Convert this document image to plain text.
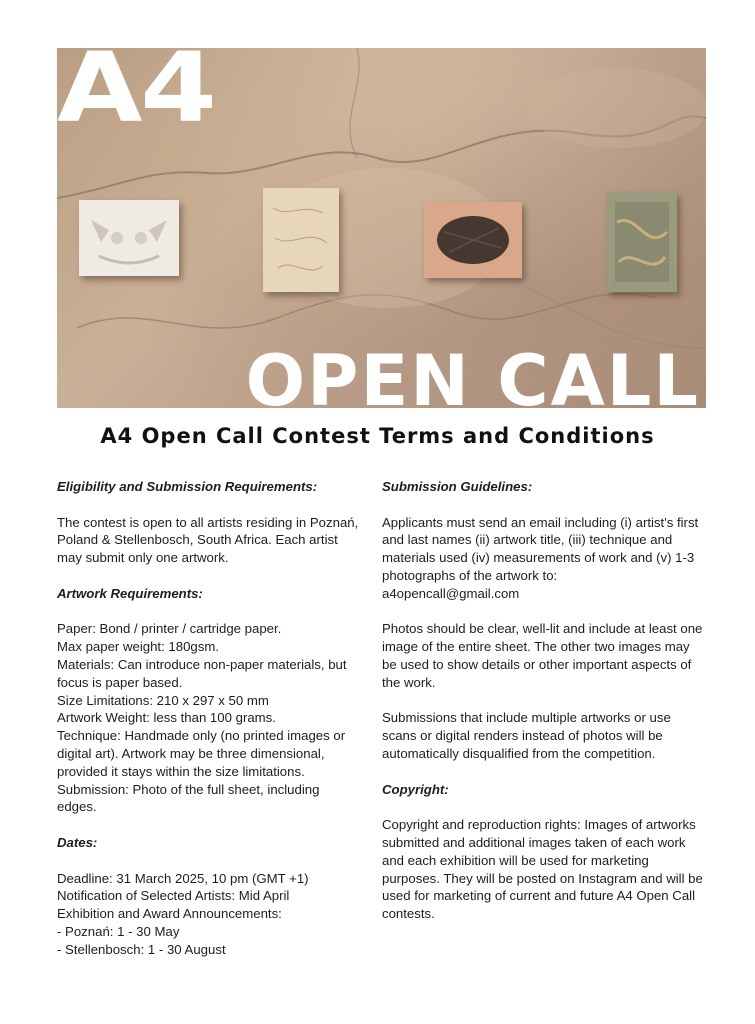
A4
OPEN CALL
A4 Open Call Contest Terms and Conditions
Eligibility and Submission Requirements:
The contest is open to all artists residing in Poznań, Poland & Stellenbosch, South Africa. Each artist may submit only one artwork.
Artwork Requirements:
Paper: Bond / printer / cartridge paper.
Max paper weight: 180gsm.
Materials: Can introduce non-paper materials, but focus is paper based.
Size Limitations: 210 x 297 x 50 mm
Artwork Weight: less than 100 grams.
Technique: Handmade only (no printed images or digital art). Artwork may be three dimensional, provided it stays within the size limitations.
Submission: Photo of the full sheet, including edges.
Dates:
Deadline: 31 March 2025, 10 pm (GMT +1)
Notification of Selected Artists: Mid April
Exhibition and Award Announcements:
- Poznań: 1 - 30 May
- Stellenbosch: 1 - 30 August
Submission Guidelines:
Applicants must send an email including (i) artist's first and last names (ii) artwork title, (iii) technique and materials used (iv) measurements of work and (v) 1-3 photographs of the artwork to:
a4opencall@gmail.com
Photos should be clear, well-lit and include at least one image of the entire sheet. The other two images may be used to show details or other important aspects of the work.
Submissions that include multiple artworks or use scans or digital renders instead of photos will be automatically disqualified from the competition.
Copyright:
Copyright and reproduction rights: Images of artworks submitted and additional images taken of each work and each exhibition will be used for marketing purposes. They will be posted on Instagram and will be used for marketing of current and future A4 Open Call contests.
